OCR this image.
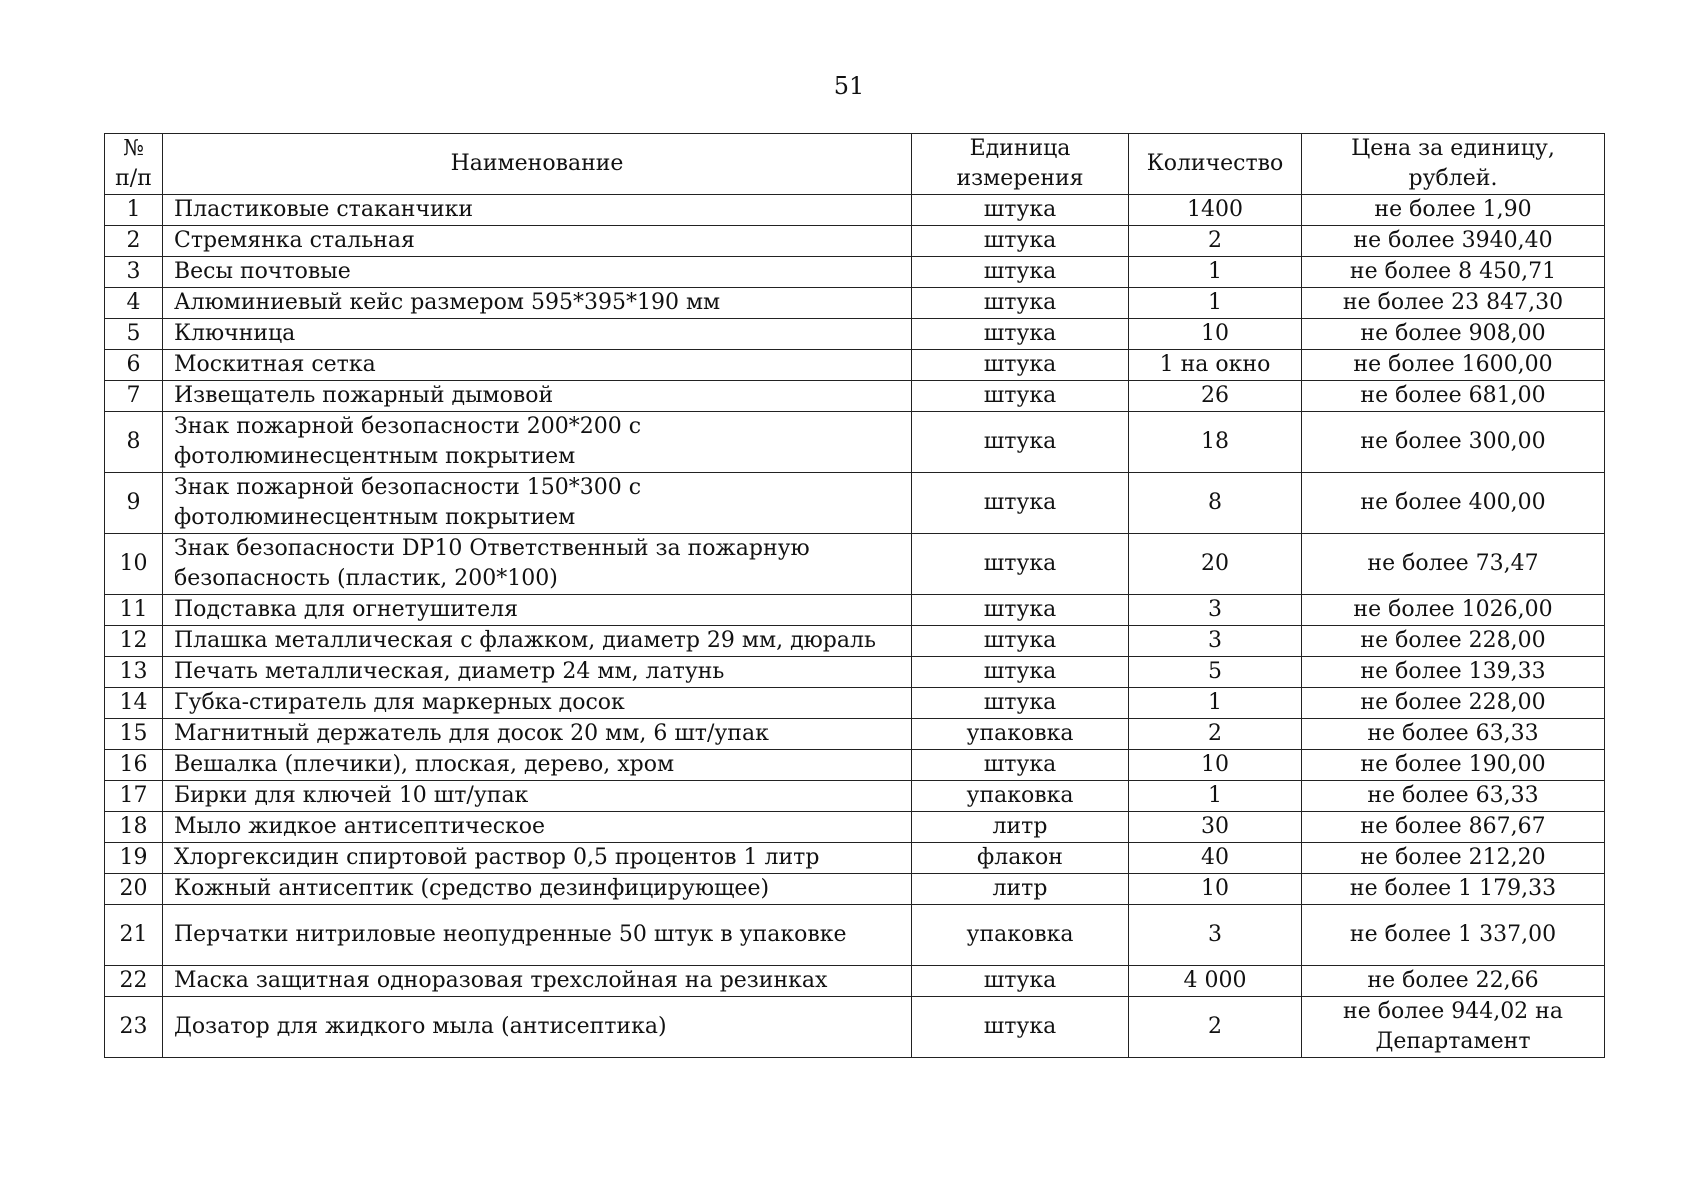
51
№ п/п	Наименование	Единица измерения	Количество	Цена за единицу, рублей.
1	Пластиковые стаканчики	штука	1400	не более 1,90
2	Стремянка стальная	штука	2	не более 3940,40
3	Весы почтовые	штука	1	не более 8 450,71
4	Алюминиевый кейс размером 595*395*190 мм	штука	1	не более 23 847,30
5	Ключница	штука	10	не более 908,00
6	Москитная сетка	штука	1 на окно	не более 1600,00
7	Извещатель пожарный дымовой	штука	26	не более 681,00
8	Знак пожарной безопасности 200*200 с фотолюминесцентным покрытием	штука	18	не более 300,00
9	Знак пожарной безопасности 150*300 с фотолюминесцентным покрытием	штука	8	не более 400,00
10	Знак безопасности DP10 Ответственный за пожарную безопасность (пластик, 200*100)	штука	20	не более 73,47
11	Подставка для огнетушителя	штука	3	не более 1026,00
12	Плашка металлическая с флажком, диаметр 29 мм, дюраль	штука	3	не более 228,00
13	Печать металлическая, диаметр 24 мм, латунь	штука	5	не более 139,33
14	Губка-стиратель для маркерных досок	штука	1	не более 228,00
15	Магнитный держатель для досок 20 мм, 6 шт/упак	упаковка	2	не более 63,33
16	Вешалка (плечики), плоская, дерево, хром	штука	10	не более 190,00
17	Бирки для ключей 10 шт/упак	упаковка	1	не более 63,33
18	Мыло жидкое антисептическое	литр	30	не более 867,67
19	Хлоргексидин спиртовой раствор 0,5 процентов 1 литр	флакон	40	не более 212,20
20	Кожный антисептик (средство дезинфицирующее)	литр	10	не более 1 179,33
21	Перчатки нитриловые неопудренные 50 штук в упаковке	упаковка	3	не более 1 337,00
22	Маска защитная одноразовая трехслойная на резинках	штука	4 000	не более 22,66
23	Дозатор для жидкого мыла (антисептика)	штука	2	не более 944,02 на Департамент
